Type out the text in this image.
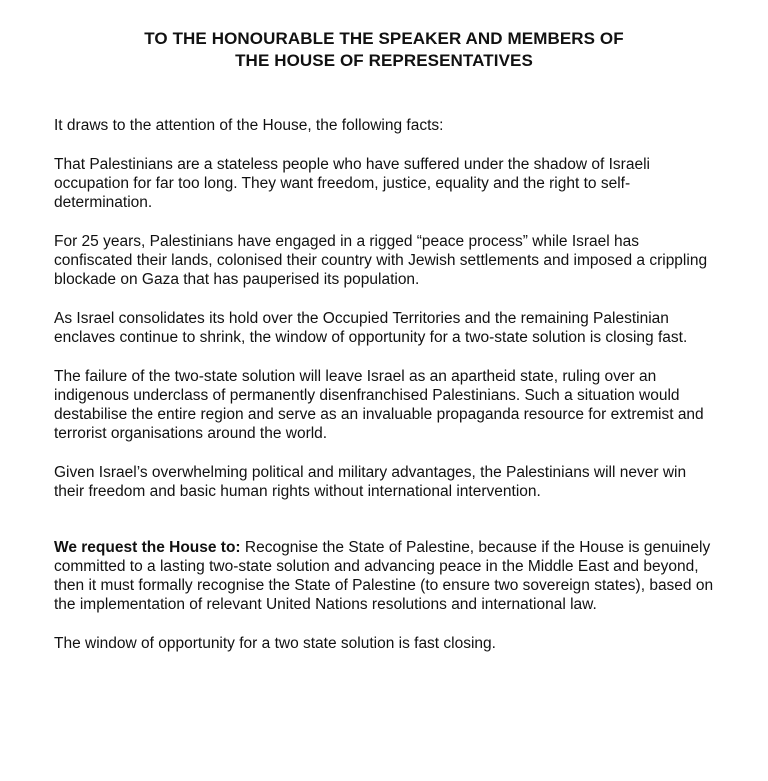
TO THE HONOURABLE THE SPEAKER AND MEMBERS OF
THE HOUSE OF REPRESENTATIVES

It draws to the attention of the House, the following facts:

That Palestinians are a stateless people who have suffered under the shadow of Israeli occupation for far too long. They want freedom, justice, equality and the right to self-determination.

For 25 years, Palestinians have engaged in a rigged “peace process” while Israel has confiscated their lands, colonised their country with Jewish settlements and imposed a crippling blockade on Gaza that has pauperised its population.

As Israel consolidates its hold over the Occupied Territories and the remaining Palestinian enclaves continue to shrink, the window of opportunity for a two-state solution is closing fast.

The failure of the two-state solution will leave Israel as an apartheid state, ruling over an indigenous underclass of permanently disenfranchised Palestinians. Such a situation would destabilise the entire region and serve as an invaluable propaganda resource for extremist and terrorist organisations around the world.

Given Israel’s overwhelming political and military advantages, the Palestinians will never win their freedom and basic human rights without international intervention.

We request the House to: Recognise the State of Palestine, because if the House is genuinely committed to a lasting two-state solution and advancing peace in the Middle East and beyond, then it must formally recognise the State of Palestine (to ensure two sovereign states), based on the implementation of relevant United Nations resolutions and international law.

The window of opportunity for a two state solution is fast closing.
